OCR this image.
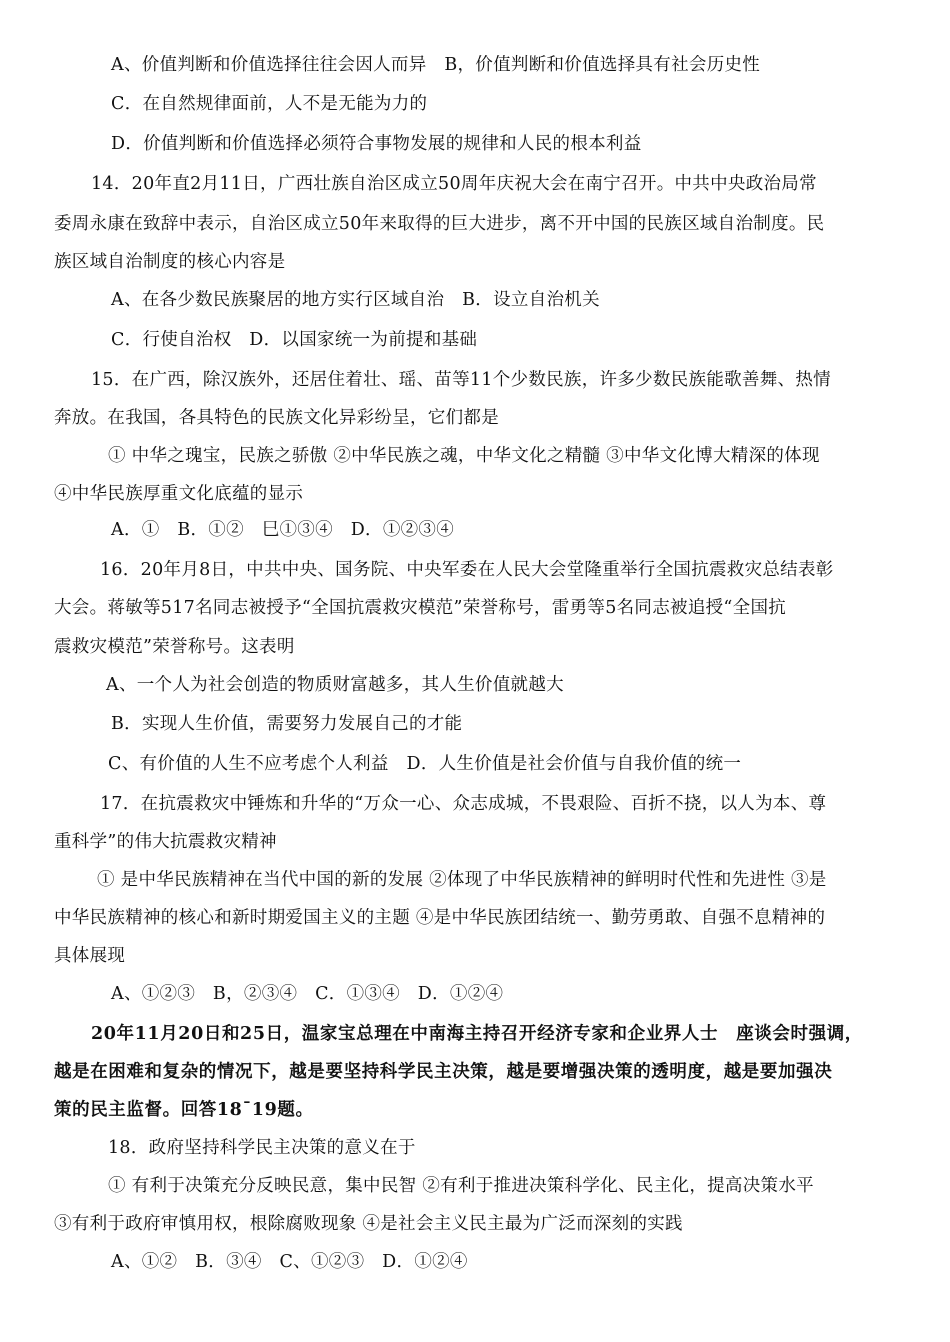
A、价值判断和价值选择往往会因人而异　B，价值判断和价值选择具有社会历史性
C．在自然规律面前，人不是无能为力的
D．价值判断和价值选择必须符合事物发展的规律和人民的根本利益
14．20年直2月11日，广西壮族自治区成立50周年庆祝大会在南宁召开。中共中央政治局常
委周永康在致辞中表示，自治区成立50年来取得的巨大进步，离不开中国的民族区域自治制度。民
族区域自治制度的核心内容是
A、在各少数民族聚居的地方实行区域自治　B．设立自治机关
C．行使自治权　D．以国家统一为前提和基础
15．在广西，除汉族外，还居住着壮、瑶、苗等11个少数民族，许多少数民族能歌善舞、热情
奔放。在我国，各具特色的民族文化异彩纷呈，它们都是
① 中华之瑰宝，民族之骄傲 ②中华民族之魂，中华文化之精髓 ③中华文化博大精深的体现
④中华民族厚重文化底蕴的显示
A．①　B．①②　巳①③④　D．①②③④
16．20年月8日，中共中央、国务院、中央军委在人民大会堂隆重举行全国抗震救灾总结表彰
大会。蒋敏等517名同志被授予“全国抗震救灾模范”荣誉称号，雷勇等5名同志被追授“全国抗
震救灾模范”荣誉称号。这表明
A、一个人为社会创造的物质财富越多，其人生价值就越大
B．实现人生价值，需要努力发展自己的才能
C、有价值的人生不应考虑个人利益　D．人生价值是社会价值与自我价值的统一
17．在抗震救灾中锤炼和升华的“万众一心、众志成城，不畏艰险、百折不挠，以人为本、尊
重科学”的伟大抗震救灾精神
① 是中华民族精神在当代中国的新的发展 ②体现了中华民族精神的鲜明时代性和先进性 ③是
中华民族精神的核心和新时期爱国主义的主题 ④是中华民族团结统一、勤劳勇敢、自强不息精神的
具体展现
A、①②③　B，②③④　C．①③④　D．①②④
20年11月20日和25日，温家宝总理在中南海主持召开经济专家和企业界人士　座谈会时强调，
越是在困难和复杂的情况下，越是要坚持科学民主决策，越是要增强决策的透明度，越是要加强决
策的民主监督。回答18¯19题。
18．政府坚持科学民主决策的意义在于
① 有利于决策充分反映民意，集中民智 ②有利于推进决策科学化、民主化，提高决策水平
③有利于政府审慎用权，根除腐败现象 ④是社会主义民主最为广泛而深刻的实践
A、①②　B．③④　C、①②③　D．①②④
